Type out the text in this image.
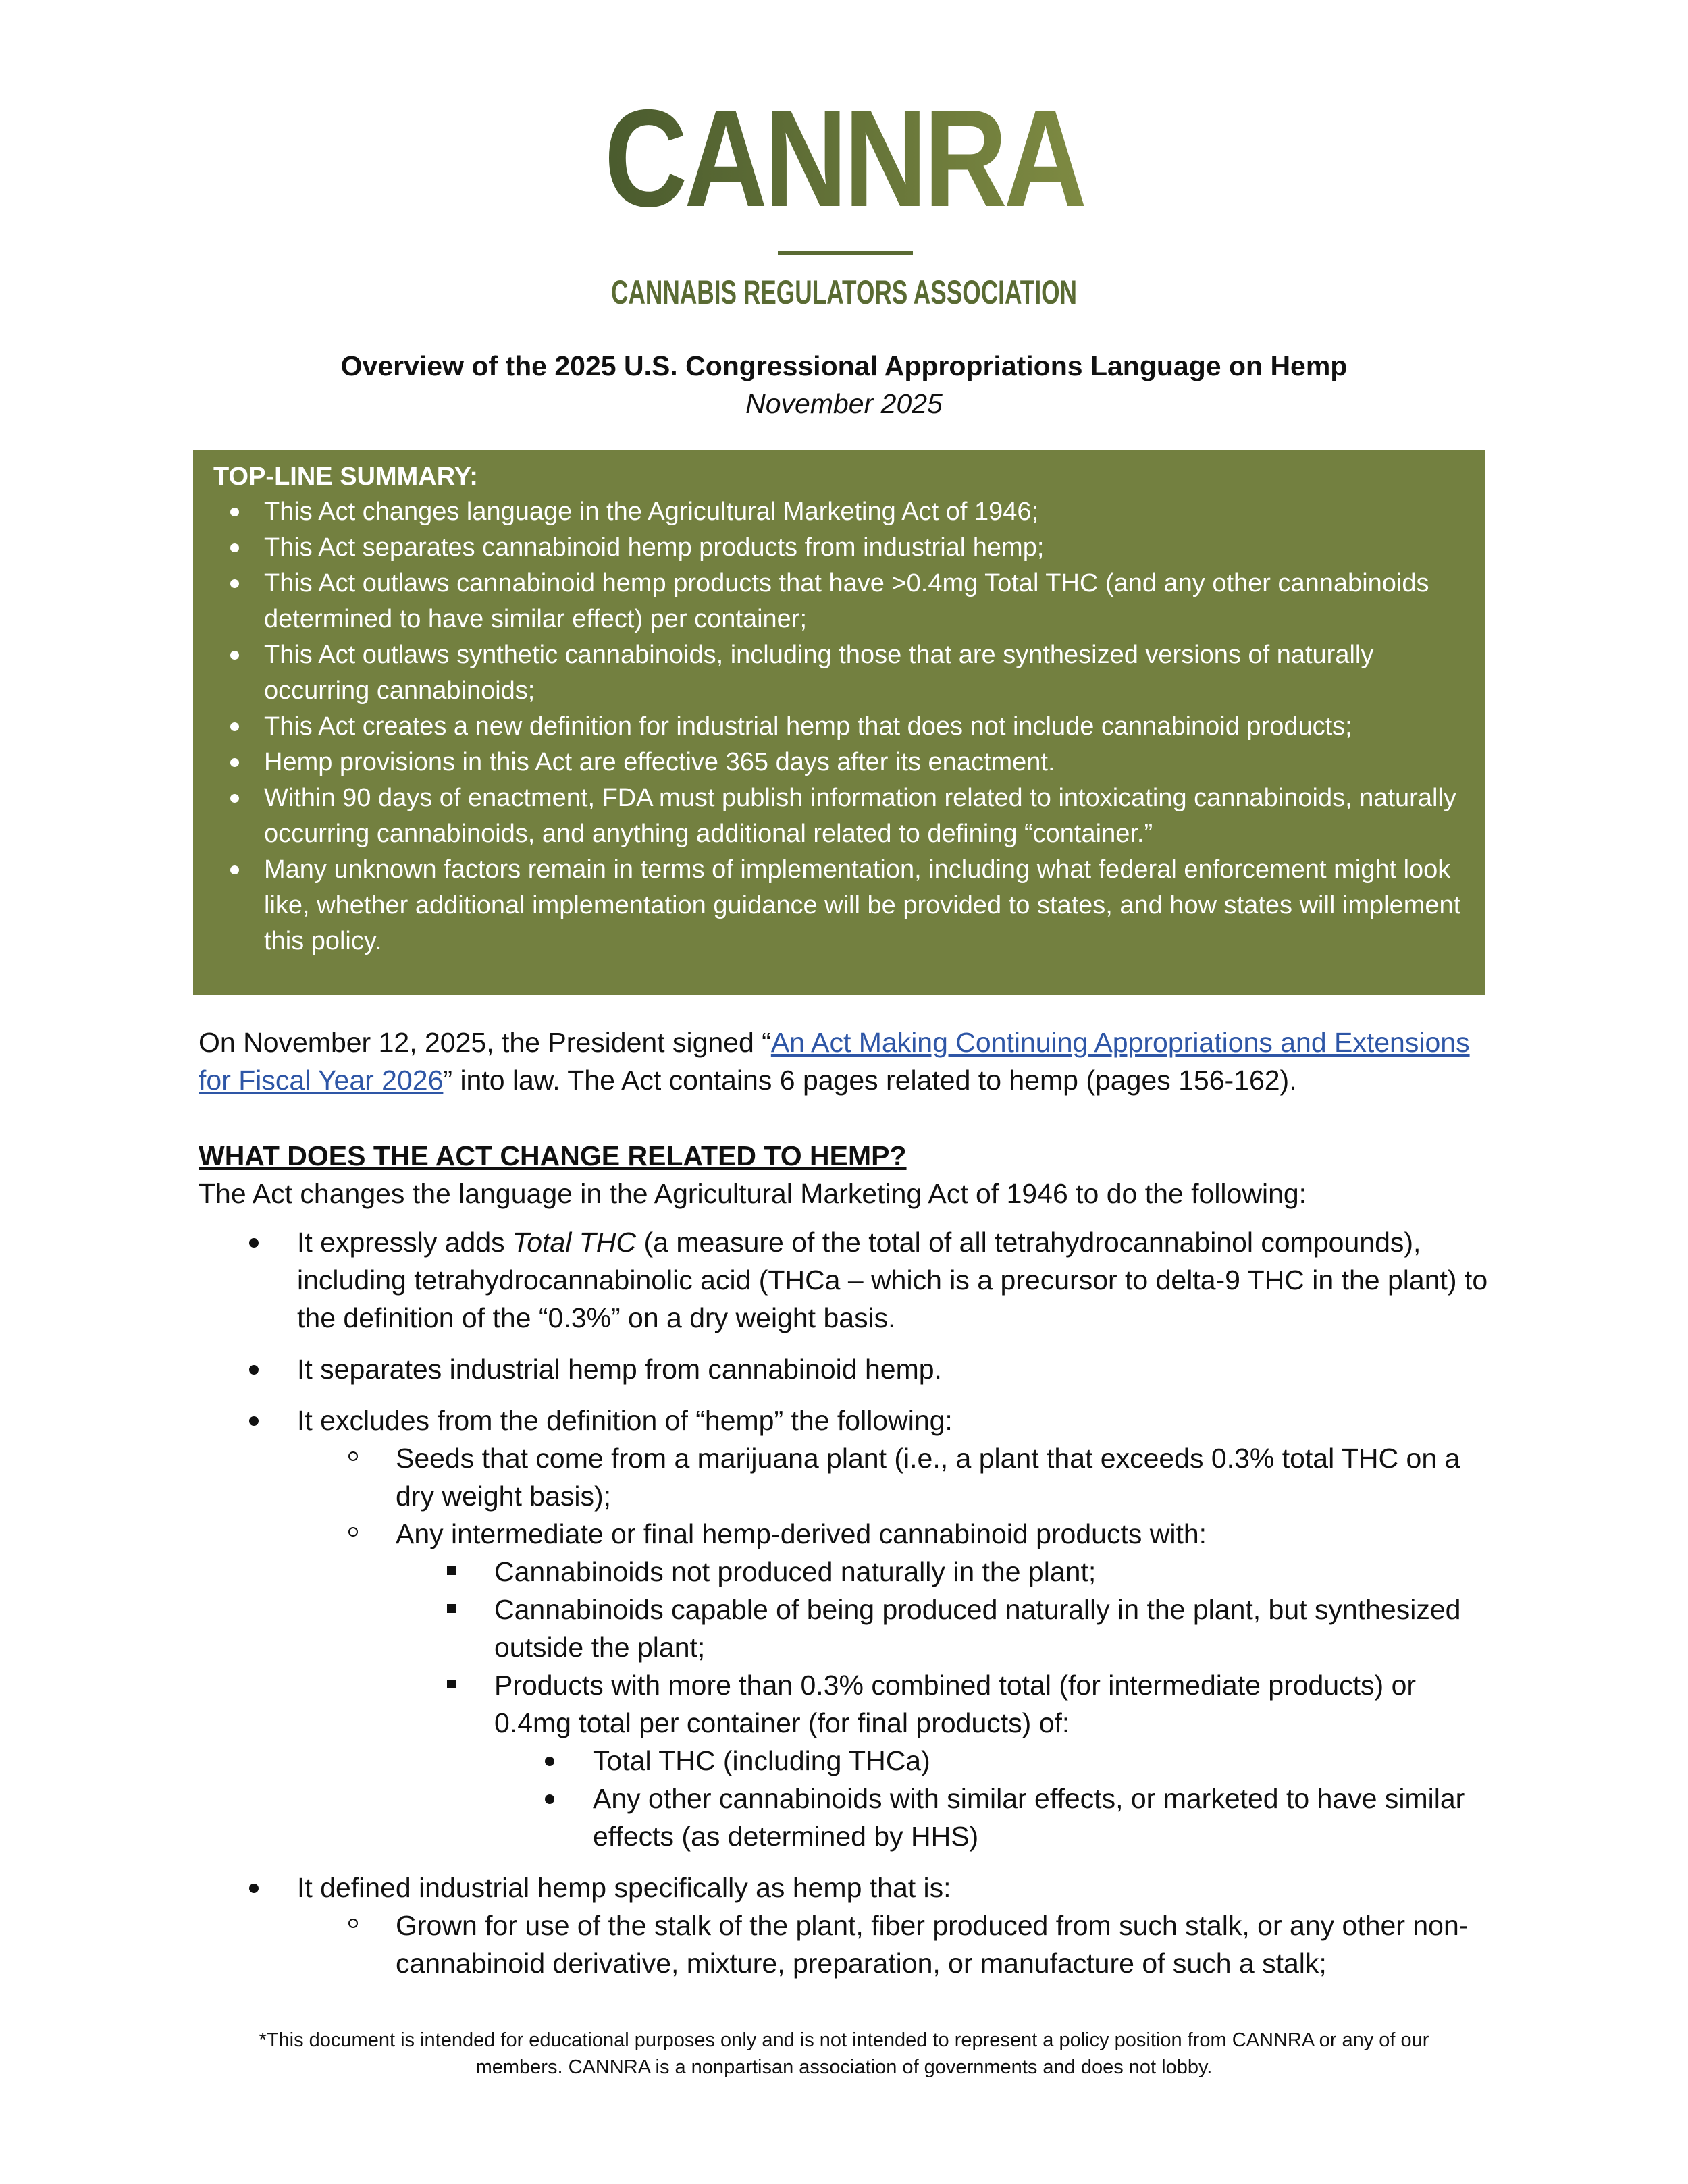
CANNRA
CANNABIS REGULATORS ASSOCIATION
Overview of the 2025 U.S. Congressional Appropriations Language on Hemp
November 2025
TOP-LINE SUMMARY:
This Act changes language in the Agricultural Marketing Act of 1946;
This Act separates cannabinoid hemp products from industrial hemp;
This Act outlaws cannabinoid hemp products that have >0.4mg Total THC (and any other cannabinoids determined to have similar effect) per container;
This Act outlaws synthetic cannabinoids, including those that are synthesized versions of naturally occurring cannabinoids;
This Act creates a new definition for industrial hemp that does not include cannabinoid products;
Hemp provisions in this Act are effective 365 days after its enactment.
Within 90 days of enactment, FDA must publish information related to intoxicating cannabinoids, naturally occurring cannabinoids, and anything additional related to defining “container.”
Many unknown factors remain in terms of implementation, including what federal enforcement might look like, whether additional implementation guidance will be provided to states, and how states will implement this policy.

On November 12, 2025, the President signed “An Act Making Continuing Appropriations and Extensions for Fiscal Year 2026” into law. The Act contains 6 pages related to hemp (pages 156-162).

WHAT DOES THE ACT CHANGE RELATED TO HEMP?

The Act changes the language in the Agricultural Marketing Act of 1946 to do the following:

It expressly adds Total THC (a measure of the total of all tetrahydrocannabinol compounds), including tetrahydrocannabinolic acid (THCa – which is a precursor to delta-9 THC in the plant) to the definition of the “0.3%” on a dry weight basis.
It separates industrial hemp from cannabinoid hemp.
It excludes from the definition of “hemp” the following:
Seeds that come from a marijuana plant (i.e., a plant that exceeds 0.3% total THC on a dry weight basis);
Any intermediate or final hemp-derived cannabinoid products with:
Cannabinoids not produced naturally in the plant;
Cannabinoids capable of being produced naturally in the plant, but synthesized outside the plant;
Products with more than 0.3% combined total (for intermediate products) or 0.4mg total per container (for final products) of:
Total THC (including THCa)
Any other cannabinoids with similar effects, or marketed to have similar effects (as determined by HHS)
It defined industrial hemp specifically as hemp that is:
Grown for use of the stalk of the plant, fiber produced from such stalk, or any other non-cannabinoid derivative, mixture, preparation, or manufacture of such a stalk;
*This document is intended for educational purposes only and is not intended to represent a policy position from CANNRA or any of our
members. CANNRA is a nonpartisan association of governments and does not lobby.
